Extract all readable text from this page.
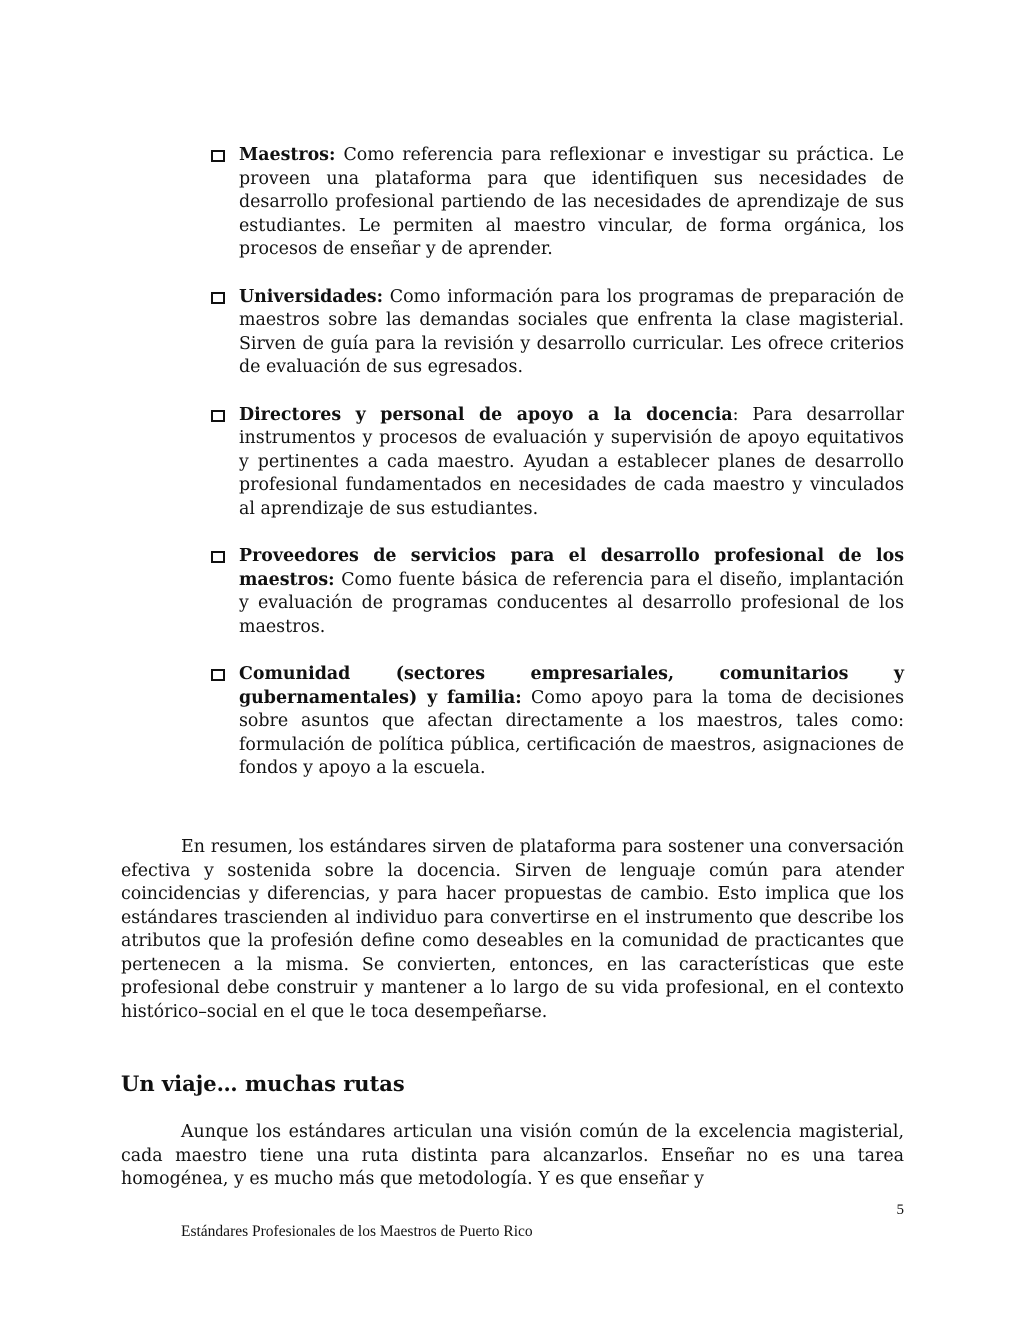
Maestros: Como referencia para reflexionar e investigar su práctica. Le proveen una plataforma para que identifiquen sus necesidades de desarrollo profesional partiendo de las necesidades de aprendizaje de sus estudiantes. Le permiten al maestro vincular, de forma orgánica, los procesos de enseñar y de aprender.
Universidades: Como información para los programas de preparación de maestros sobre las demandas sociales que enfrenta la clase magisterial. Sirven de guía para la revisión y desarrollo curricular. Les ofrece criterios de evaluación de sus egresados.
Directores y personal de apoyo a la docencia: Para desarrollar instrumentos y procesos de evaluación y supervisión de apoyo equitativos y pertinentes a cada maestro. Ayudan a establecer planes de desarrollo profesional fundamentados en necesidades de cada maestro y vinculados al aprendizaje de sus estudiantes.
Proveedores de servicios para el desarrollo profesional de los maestros: Como fuente básica de referencia para el diseño, implantación y evaluación de programas conducentes al desarrollo profesional de los maestros.
Comunidad (sectores empresariales, comunitarios y gubernamentales) y familia: Como apoyo para la toma de decisiones sobre asuntos que afectan directamente a los maestros, tales como: formulación de política pública, certificación de maestros, asignaciones de fondos y apoyo a la escuela.

En resumen, los estándares sirven de plataforma para sostener una conversación efectiva y sostenida sobre la docencia. Sirven de lenguaje común para atender coincidencias y diferencias, y para hacer propuestas de cambio. Esto implica que los estándares trascienden al individuo para convertirse en el instrumento que describe los atributos que la profesión define como deseables en la comunidad de practicantes que pertenecen a la misma. Se convierten, entonces, en las características que este profesional debe construir y mantener a lo largo de su vida profesional, en el contexto histórico–social en el que le toca desempeñarse.

Un viaje… muchas rutas

Aunque los estándares articulan una visión común de la excelencia magisterial, cada maestro tiene una ruta distinta para alcanzarlos. Enseñar no es una tarea homogénea, y es mucho más que metodología. Y es que enseñar y

5
Estándares Profesionales de los Maestros de Puerto Rico
